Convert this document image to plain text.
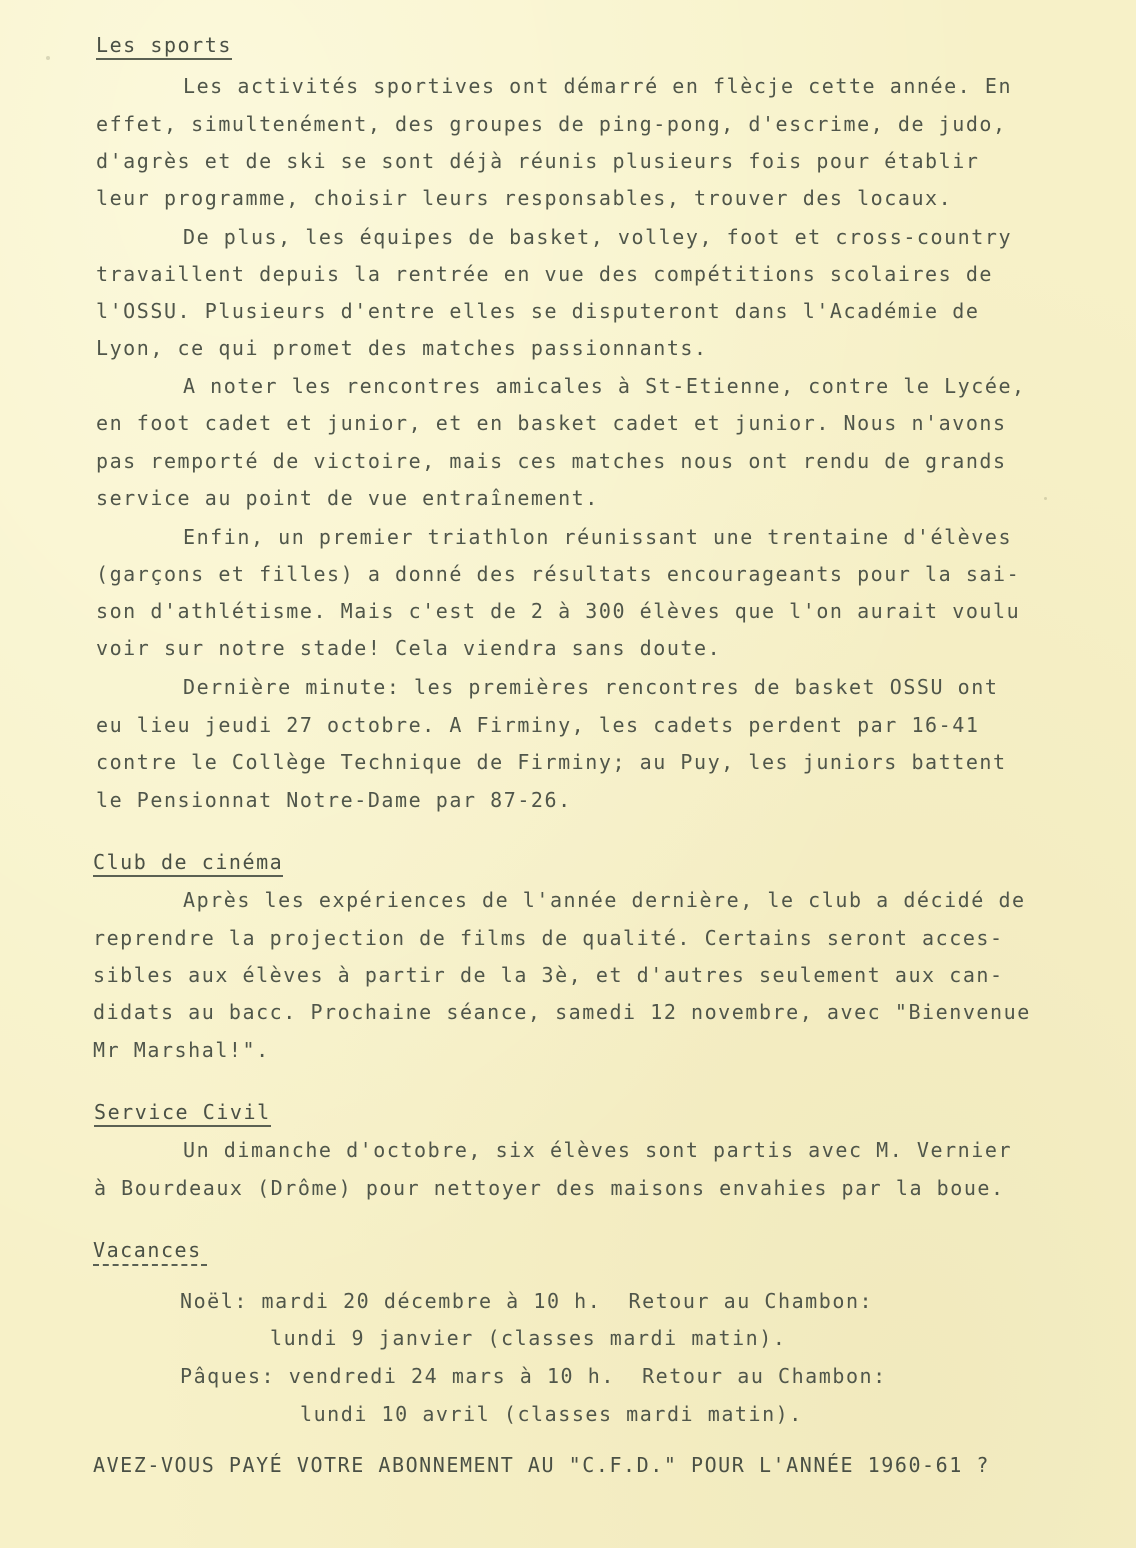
Les sports
Les activités sportives ont démarré en flècje cette année. En
effet, simultenément, des groupes de ping-pong, d'escrime, de judo,
d'agrès et de ski se sont déjà réunis plusieurs fois pour établir
leur programme, choisir leurs responsables, trouver des locaux.
De plus, les équipes de basket, volley, foot et cross-country
travaillent depuis la rentrée en vue des compétitions scolaires de
l'OSSU. Plusieurs d'entre elles se disputeront dans l'Académie de
Lyon, ce qui promet des matches passionnants.
A noter les rencontres amicales à St-Etienne, contre le Lycée,
en foot cadet et junior, et en basket cadet et junior. Nous n'avons
pas remporté de victoire, mais ces matches nous ont rendu de grands
service au point de vue entraînement.
Enfin, un premier triathlon réunissant une trentaine d'élèves
(garçons et filles) a donné des résultats encourageants pour la sai-
son d'athlétisme. Mais c'est de 2 à 300 élèves que l'on aurait voulu
voir sur notre stade! Cela viendra sans doute.
Dernière minute: les premières rencontres de basket OSSU ont
eu lieu jeudi 27 octobre. A Firminy, les cadets perdent par 16-41
contre le Collège Technique de Firminy; au Puy, les juniors battent
le Pensionnat Notre-Dame par 87-26.
Club de cinéma
Après les expériences de l'année dernière, le club a décidé de
reprendre la projection de films de qualité. Certains seront acces-
sibles aux élèves à partir de la 3è, et d'autres seulement aux can-
didats au bacc. Prochaine séance, samedi 12 novembre, avec "Bienvenue
Mr Marshal!".
Service Civil
Un dimanche d'octobre, six élèves sont partis avec M. Vernier
à Bourdeaux (Drôme) pour nettoyer des maisons envahies par la boue.
Vacances
Noël: mardi 20 décembre à 10 h.  Retour au Chambon:
lundi 9 janvier (classes mardi matin).
Pâques: vendredi 24 mars à 10 h.  Retour au Chambon:
lundi 10 avril (classes mardi matin).
AVEZ-VOUS PAYÉ VOTRE ABONNEMENT AU "C.F.D." POUR L'ANNÉE 1960-61 ?
